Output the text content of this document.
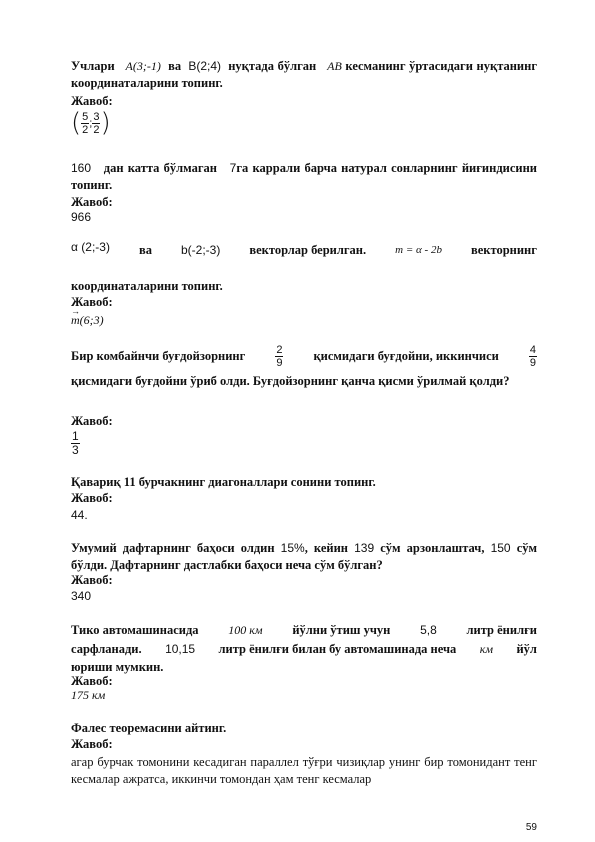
Учлари A(3;-1) ва B(2;4) нуқтада бўлган AB кесманинг ўртасидаги нуқтанинг координаталарини топинг.
Жавоб:
( $\frac{5}{2}$ ; $\frac{3}{2}$ )
160 дан катта бўлмаган 7га каррали барча натурал сонларнинг йиғиндисини топинг.
Жавоб:
966
α (2;-3) ва b(-2;-3) векторлар берилган.	m = α - 2b векторнинг
координаталарини топинг.
Жавоб:
→ m(6;3)
Бир комбайнчи буғдойзорнинг	$\frac{2}{9}$ қисмидаги буғдойни, иккинчиси	$\frac{4}{9}$
қисмидаги буғдойни ўриб олди. Буғдойзорнинг қанча қисми ўрилмай қолди?
Жавоб:
$\frac{1}{3}$
Қавариқ 11 бурчакнинг диагоналлари сонини топинг.
Жавоб:
44.
Умумий дафтарнинг баҳоси олдин 15%, кейин 139 сўм арзонлаштач, 150 сўм бўлди. Дафтарнинг дастлабки баҳоси неча сўм бўлган?
Жавоб:
340
Тико автомашинасида 100 км йўлни ўтиш учун 5,8 литр ёнилғи
сарфланади. 10,15 литр ёнилғи билан бу автомашинада неча км йўл
юриши мумкин.
Жавоб:
175 км
Фалес теоремасини айтинг.
Жавоб:
агар бурчак томонини кесадиган параллел тўғри чизиқлар унинг бир томонидант тенг кесмалар ажратса, иккинчи томондан ҳам тенг кесмалар
59
